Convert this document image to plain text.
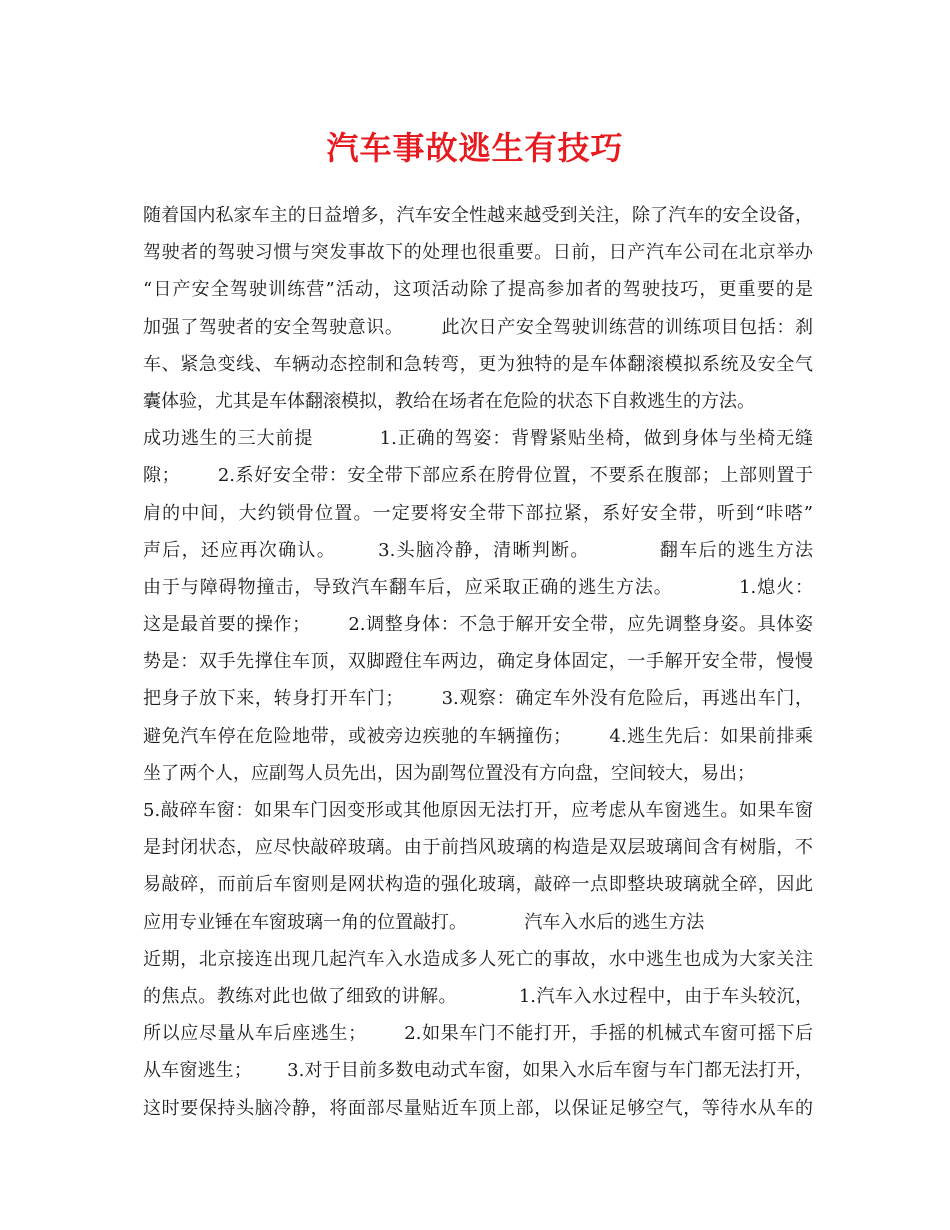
汽车事故逃生有技巧
随着国内私家车主的日益增多，汽车安全性越来越受到关注，除了汽车的安全设备，
驾驶者的驾驶习惯与突发事故下的处理也很重要。日前，日产汽车公司在北京举办
“日产安全驾驶训练营”活动，这项活动除了提高参加者的驾驶技巧，更重要的是
加强了驾驶者的安全驾驶意识。      此次日产安全驾驶训练营的训练项目包括：刹
车、紧急变线、车辆动态控制和急转弯，更为独特的是车体翻滚模拟系统及安全气
囊体验，尤其是车体翻滚模拟，教给在场者在危险的状态下自救逃生的方法。
成功逃生的三大前提          1.正确的驾姿：背臀紧贴坐椅，做到身体与坐椅无缝
隙；      2.系好安全带：安全带下部应系在胯骨位置，不要系在腹部；上部则置于
肩的中间，大约锁骨位置。一定要将安全带下部拉紧，系好安全带，听到“咔嗒”
声后，还应再次确认。      3.头脑冷静，清晰判断。          翻车后的逃生方法
由于与障碍物撞击，导致汽车翻车后，应采取正确的逃生方法。          1.熄火：
这是最首要的操作；      2.调整身体：不急于解开安全带，应先调整身姿。具体姿
势是：双手先撑住车顶，双脚蹬住车两边，确定身体固定，一手解开安全带，慢慢
把身子放下来，转身打开车门；      3.观察：确定车外没有危险后，再逃出车门，
避免汽车停在危险地带，或被旁边疾驰的车辆撞伤；      4.逃生先后：如果前排乘
坐了两个人，应副驾人员先出，因为副驾位置没有方向盘，空间较大，易出；
5.敲碎车窗：如果车门因变形或其他原因无法打开，应考虑从车窗逃生。如果车窗
是封闭状态，应尽快敲碎玻璃。由于前挡风玻璃的构造是双层玻璃间含有树脂，不
易敲碎，而前后车窗则是网状构造的强化玻璃，敲碎一点即整块玻璃就全碎，因此
应用专业锤在车窗玻璃一角的位置敲打。          汽车入水后的逃生方法
近期，北京接连出现几起汽车入水造成多人死亡的事故，水中逃生也成为大家关注
的焦点。教练对此也做了细致的讲解。          1.汽车入水过程中，由于车头较沉，
所以应尽量从车后座逃生；      2.如果车门不能打开，手摇的机械式车窗可摇下后
从车窗逃生；      3.对于目前多数电动式车窗，如果入水后车窗与车门都无法打开，
这时要保持头脑冷静，将面部尽量贴近车顶上部，以保证足够空气，等待水从车的
